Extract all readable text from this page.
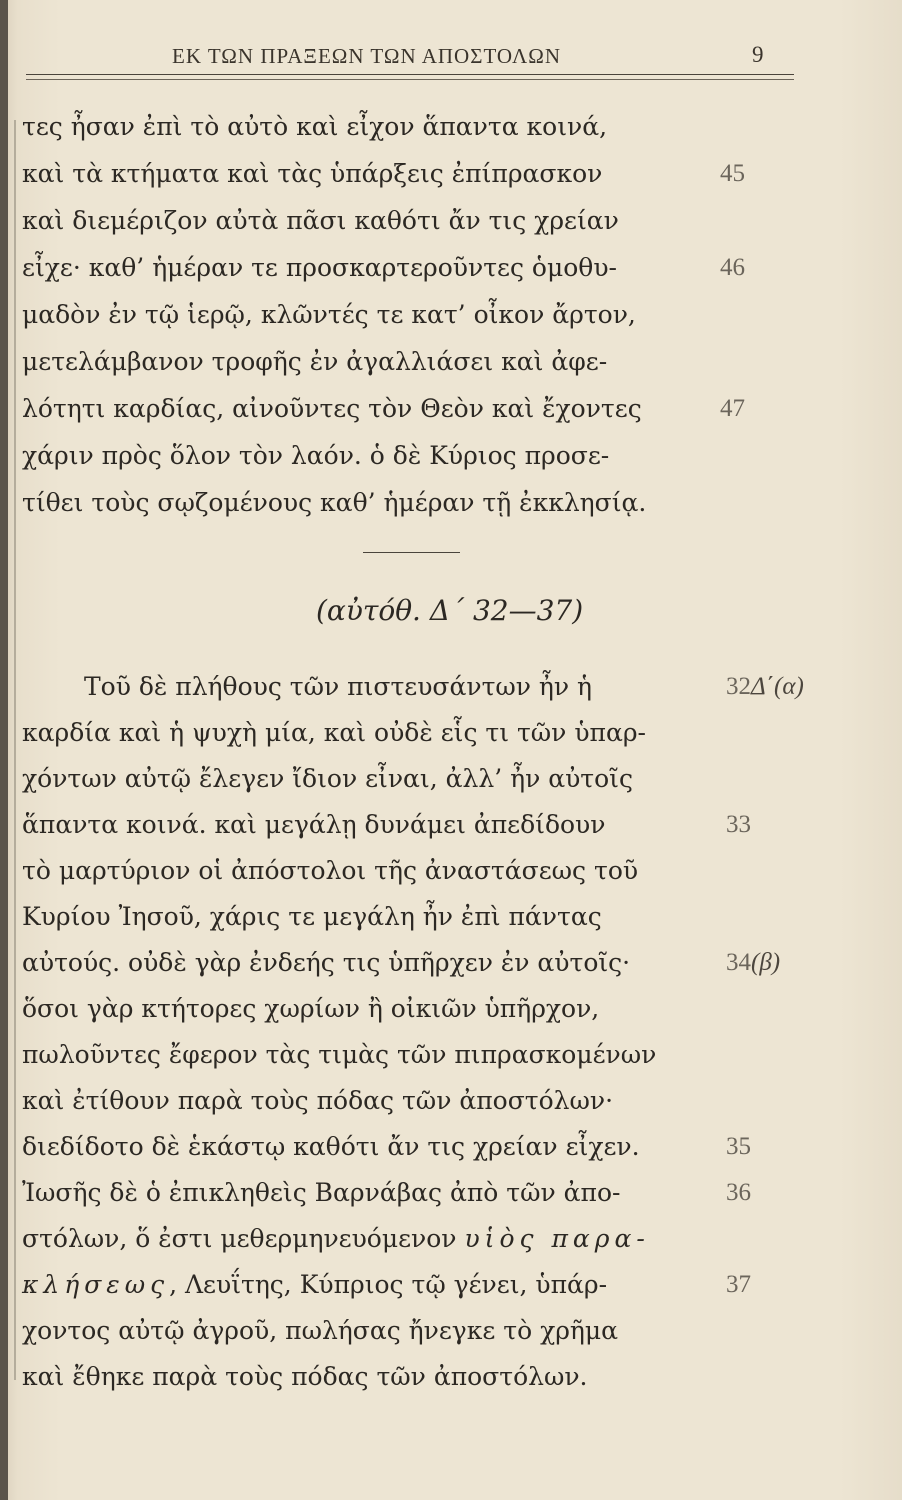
ΕΚ ΤΩΝ ΠΡΑΞΕΩΝ ΤΩΝ ΑΠΟΣΤΟΛΩΝ	9
τες ἦσαν ἐπὶ τὸ αὐτὸ καὶ εἶχον ἅπαντα κοινά,
καὶ τὰ κτήματα καὶ τὰς ὑπάρξεις ἐπίπρασκον	45
καὶ διεμέριζον αὐτὰ πᾶσι καθότι ἄν τις χρείαν
εἶχε· καθ’ ἡμέραν τε προσκαρτεροῦντες ὁμοθυ-	46
μαδὸν ἐν τῷ ἱερῷ, κλῶντές τε κατ’ οἶκον ἄρτον,
μετελάμβανον τροφῆς ἐν ἀγαλλιάσει καὶ ἀφε-
λότητι καρδίας, αἰνοῦντες τὸν Θεὸν καὶ ἔχοντες	47
χάριν πρὸς ὅλον τὸν λαόν. ὁ δὲ Κύριος προσε-
τίθει τοὺς σῳζομένους καθ’ ἡμέραν τῇ ἐκκλησίᾳ.
(αὐτόθ. Δ΄ 32—37)
Τοῦ δὲ πλήθους τῶν πιστευσάντων ἦν ἡ	32Δ΄(α)
καρδία καὶ ἡ ψυχὴ μία, καὶ οὐδὲ εἷς τι τῶν ὑπαρ-
χόντων αὐτῷ ἔλεγεν ἴδιον εἶναι, ἀλλ’ ἦν αὐτοῖς
ἅπαντα κοινά. καὶ μεγάλῃ δυνάμει ἀπεδίδουν	33
τὸ μαρτύριον οἱ ἀπόστολοι τῆς ἀναστάσεως τοῦ
Κυρίου Ἰησοῦ, χάρις τε μεγάλη ἦν ἐπὶ πάντας
αὐτούς. οὐδὲ γὰρ ἐνδεής τις ὑπῆρχεν ἐν αὐτοῖς·	34(β)
ὅσοι γὰρ κτήτορες χωρίων ἢ οἰκιῶν ὑπῆρχον,
πωλοῦντες ἔφερον τὰς τιμὰς τῶν πιπρασκομένων
καὶ ἐτίθουν παρὰ τοὺς πόδας τῶν ἀποστόλων·
διεδίδοτο δὲ ἑκάστῳ καθότι ἄν τις χρείαν εἶχεν.	35
Ἰωσῆς δὲ ὁ ἐπικληθεὶς Βαρνάβας ἀπὸ τῶν ἀπο-	36
στόλων, ὅ ἐστι μεθερμηνευόμενον υἱὸς παρα-
κλήσεως, Λευΐτης, Κύπριος τῷ γένει, ὑπάρ-	37
χοντος αὐτῷ ἀγροῦ, πωλήσας ἤνεγκε τὸ χρῆμα
καὶ ἔθηκε παρὰ τοὺς πόδας τῶν ἀποστόλων.
